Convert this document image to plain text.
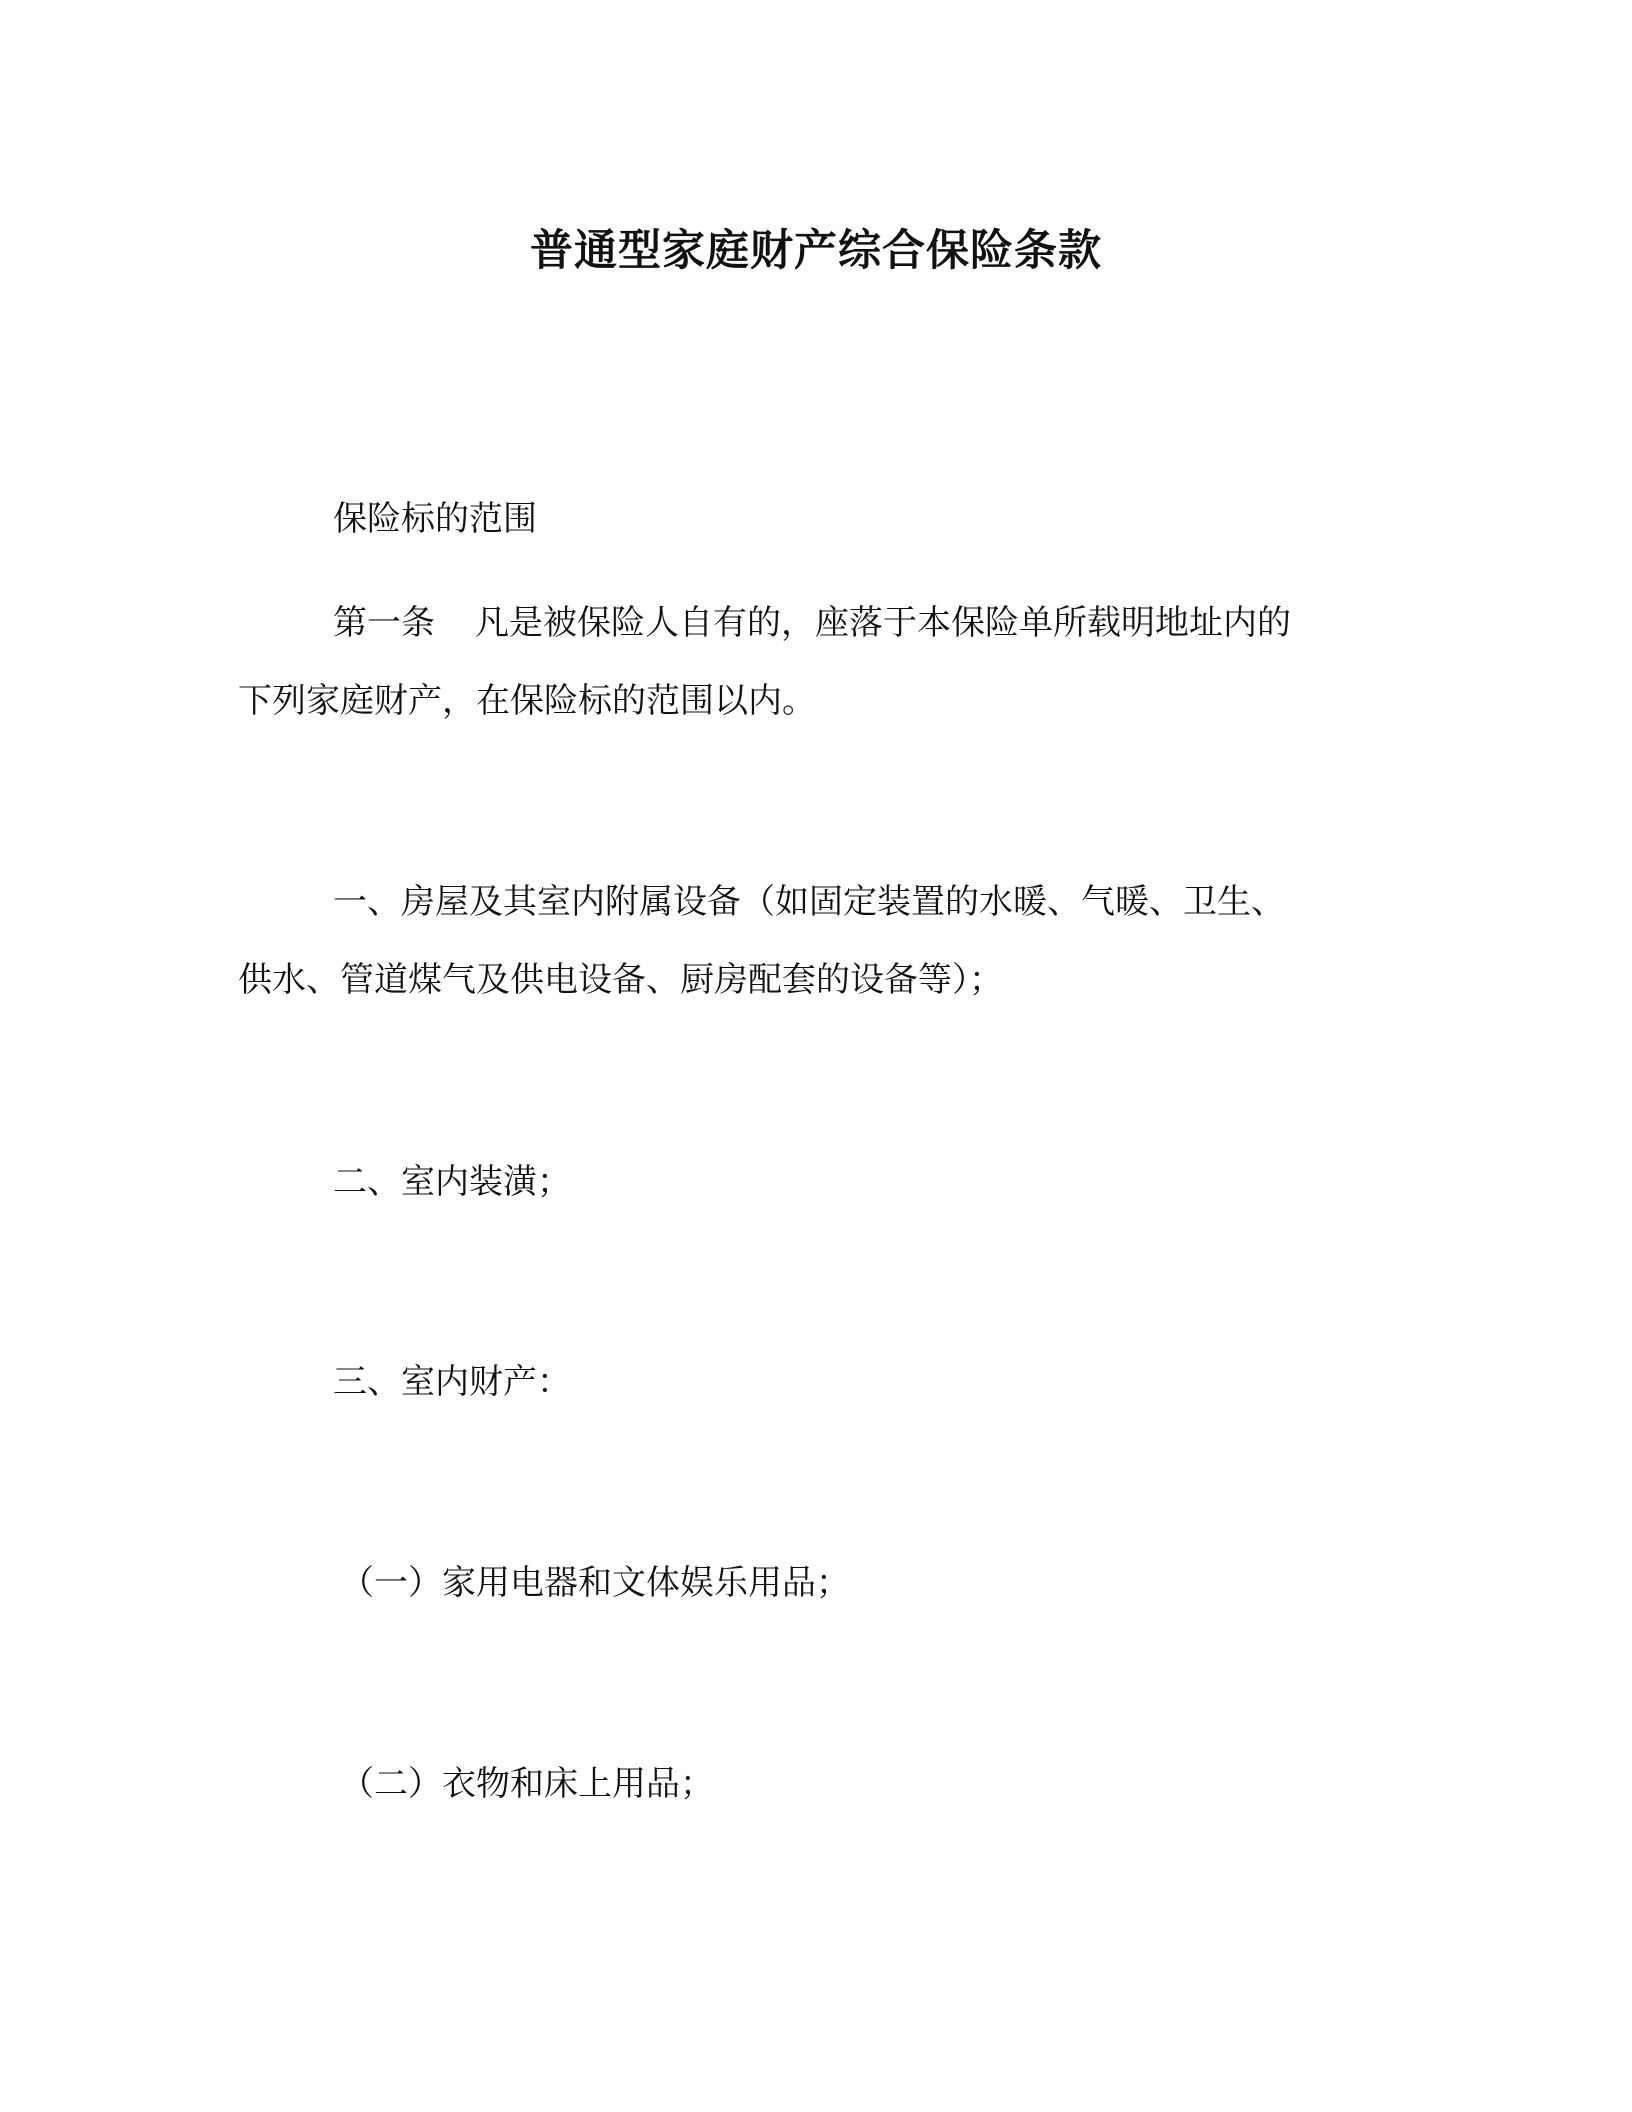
普通型家庭财产综合保险条款
保险标的范围
第一条 凡是被保险人自有的，座落于本保险单所载明地址内的
下列家庭财产，在保险标的范围以内。
一、房屋及其室内附属设备（如固定装置的水暖、气暖、卫生、
供水、管道煤气及供电设备、厨房配套的设备等）；
二、室内装潢；
三、室内财产：
（一）家用电器和文体娱乐用品；
（二）衣物和床上用品；
